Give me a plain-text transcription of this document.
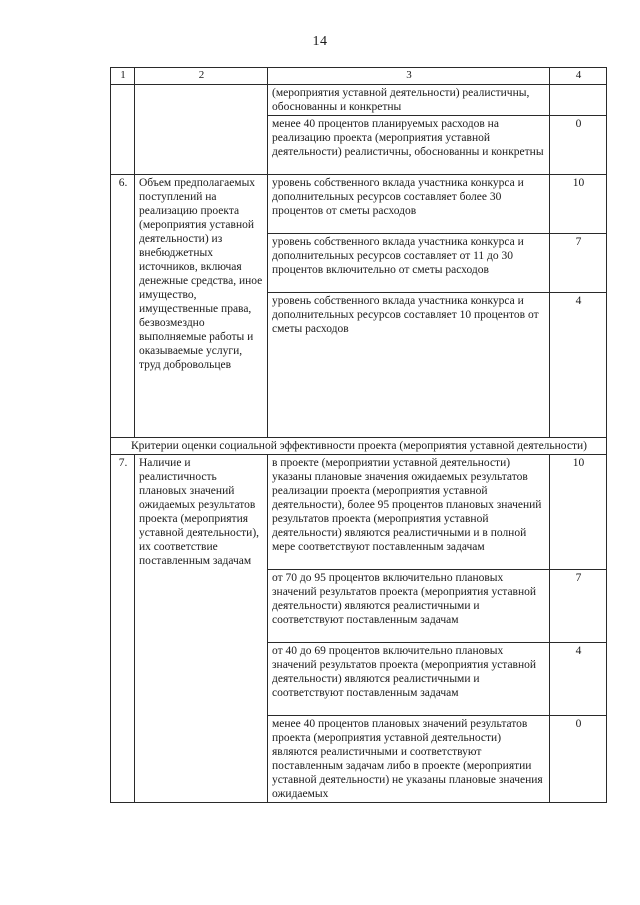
14
1	2	3	4
		(мероприятия уставной деятельности) реалистичны, обоснованны и конкретны	
		менее 40 процентов планируемых расходов на реализацию проекта (мероприятия уставной деятельности) реалистичны, обоснованны и конкретны	0
6.	Объем предполагаемых поступлений на реализацию проекта (мероприятия уставной деятельности) из внебюджетных источников, включая денежные средства, иное имущество, имущественные права, безвозмездно выполняемые работы и оказываемые услуги, труд добровольцев	уровень собственного вклада участника конкурса и дополнительных ресурсов составляет более 30 процентов от сметы расходов	10
		уровень собственного вклада участника конкурса и дополнительных ресурсов составляет от 11 до 30 процентов включительно от сметы расходов	7
		уровень собственного вклада участника конкурса и дополнительных ресурсов составляет 10 процентов от сметы расходов	4
Критерии оценки социальной эффективности проекта (мероприятия уставной деятельности)			
7.	Наличие и реалистичность плановых значений ожидаемых результатов проекта (мероприятия уставной деятельности), их соответствие поставленным задачам	в проекте (мероприятии уставной деятельности) указаны плановые значения ожидаемых результатов реализации проекта (мероприятия уставной деятельности), более 95 процентов плановых значений результатов проекта (мероприятия уставной деятельности) являются реалистичными и в полной мере соответствуют поставленным задачам	10
		от 70 до 95 процентов включительно плановых значений результатов проекта (мероприятия уставной деятельности) являются реалистичными и соответствуют поставленным задачам	7
		от 40 до 69 процентов включительно плановых значений результатов проекта (мероприятия уставной деятельности) являются реалистичными и соответствуют поставленным задачам	4
		менее 40 процентов плановых значений результатов проекта (мероприятия уставной деятельности) являются реалистичными и соответствуют поставленным задачам либо в проекте (мероприятии уставной деятельности) не указаны плановые значения ожидаемых	0
